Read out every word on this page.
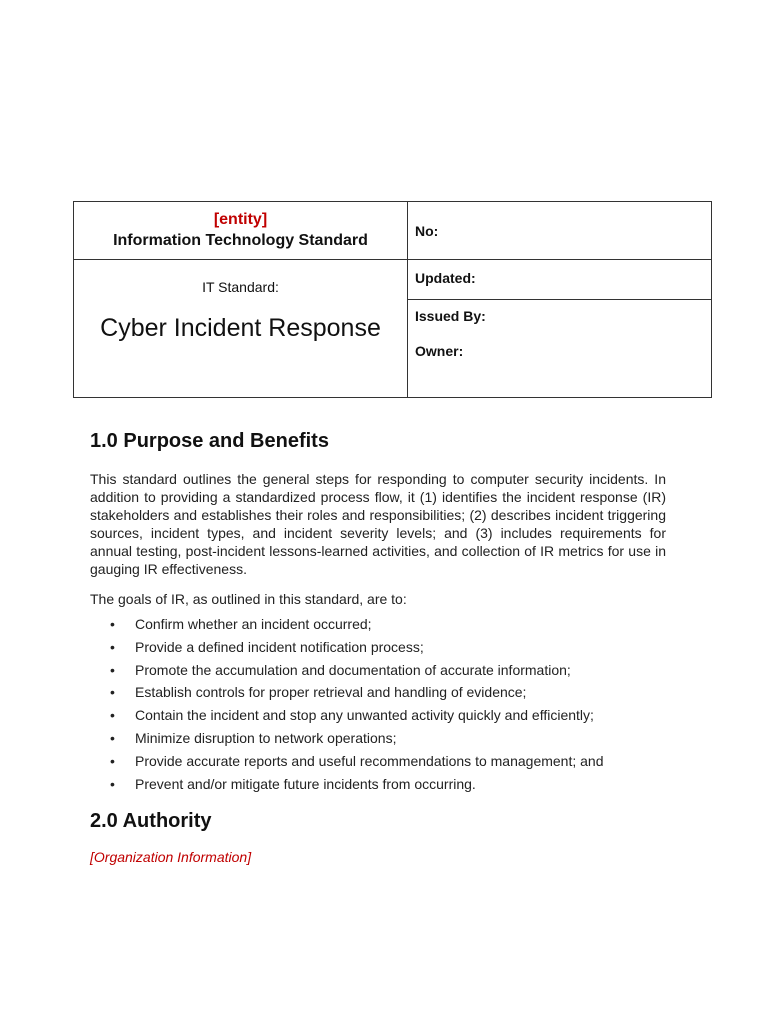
[entity]
Information Technology Standard
No:
IT Standard:
Cyber Incident Response
Updated:
Issued By:
Owner:
1.0 Purpose and Benefits

This standard outlines the general steps for responding to computer security incidents. In addition to providing a standardized process flow, it (1) identifies the incident response (IR) stakeholders and establishes their roles and responsibilities; (2) describes incident triggering sources, incident types, and incident severity levels; and (3) includes requirements for annual testing, post-incident lessons-learned activities, and collection of IR metrics for use in gauging IR effectiveness.

The goals of IR, as outlined in this standard, are to:

• Confirm whether an incident occurred;
• Provide a defined incident notification process;
• Promote the accumulation and documentation of accurate information;
• Establish controls for proper retrieval and handling of evidence;
• Contain the incident and stop any unwanted activity quickly and efficiently;
• Minimize disruption to network operations;
• Provide accurate reports and useful recommendations to management; and
• Prevent and/or mitigate future incidents from occurring.
2.0 Authority
[Organization Information]
